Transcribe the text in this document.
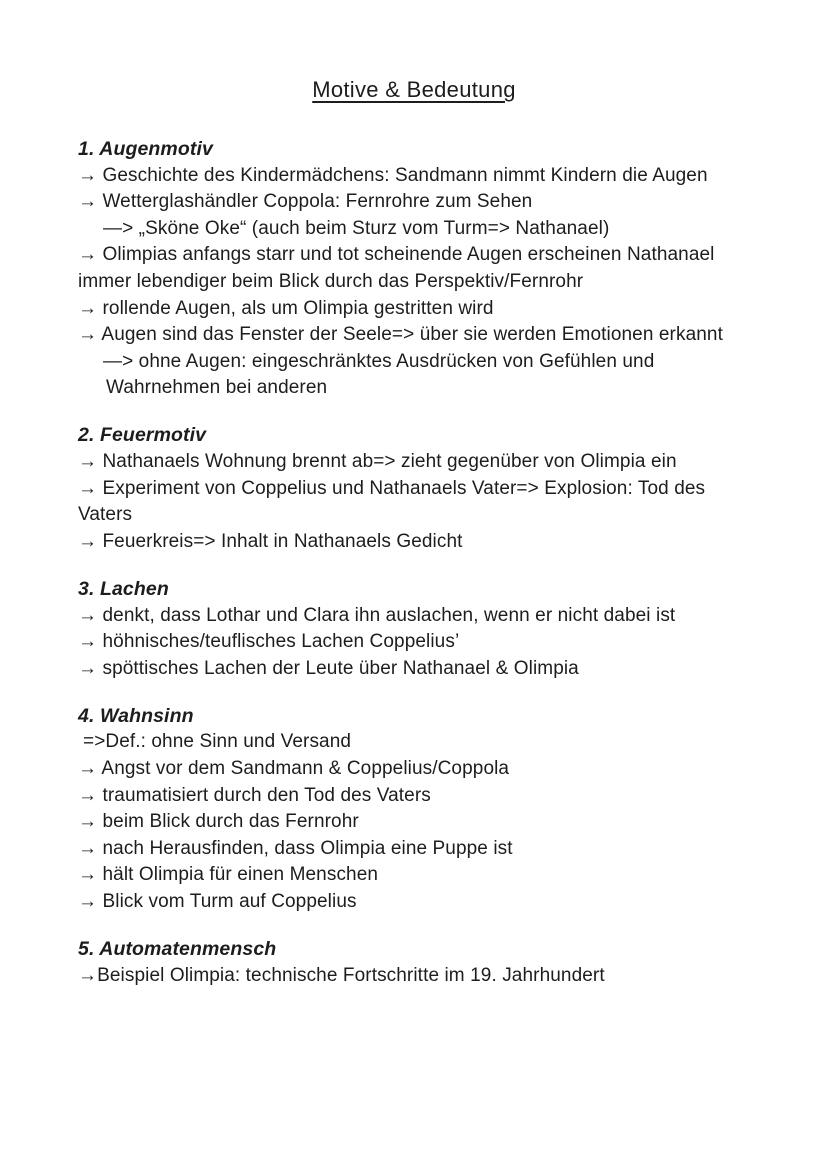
Motive & Bedeutung
1. Augenmotiv

→ Geschichte des Kindermädchens: Sandmann nimmt Kindern die Augen

→ Wetterglashändler Coppola: Fernrohre zum Sehen

—> „Sköne Oke“ (auch beim Sturz vom Turm=> Nathanael)

→ Olimpias anfangs starr und tot scheinende Augen erscheinen Nathanael

immer lebendiger beim Blick durch das Perspektiv/Fernrohr

→ rollende Augen, als um Olimpia gestritten wird

→ Augen sind das Fenster der Seele=> über sie werden Emotionen erkannt

—> ohne Augen: eingeschränktes Ausdrücken von Gefühlen und

Wahrnehmen bei anderen

2. Feuermotiv

→ Nathanaels Wohnung brennt ab=> zieht gegenüber von Olimpia ein

→ Experiment von Coppelius und Nathanaels Vater=> Explosion: Tod des

Vaters

→ Feuerkreis=> Inhalt in Nathanaels Gedicht

3. Lachen

→ denkt, dass Lothar und Clara ihn auslachen, wenn er nicht dabei ist

→ höhnisches/teuflisches Lachen Coppelius’

→ spöttisches Lachen der Leute über Nathanael & Olimpia

4. Wahnsinn

=>Def.: ohne Sinn und Versand

→ Angst vor dem Sandmann & Coppelius/Coppola

→ traumatisiert durch den Tod des Vaters

→ beim Blick durch das Fernrohr

→ nach Herausfinden, dass Olimpia eine Puppe ist

→ hält Olimpia für einen Menschen

→ Blick vom Turm auf Coppelius

5. Automatenmensch

→Beispiel Olimpia: technische Fortschritte im 19. Jahrhundert
